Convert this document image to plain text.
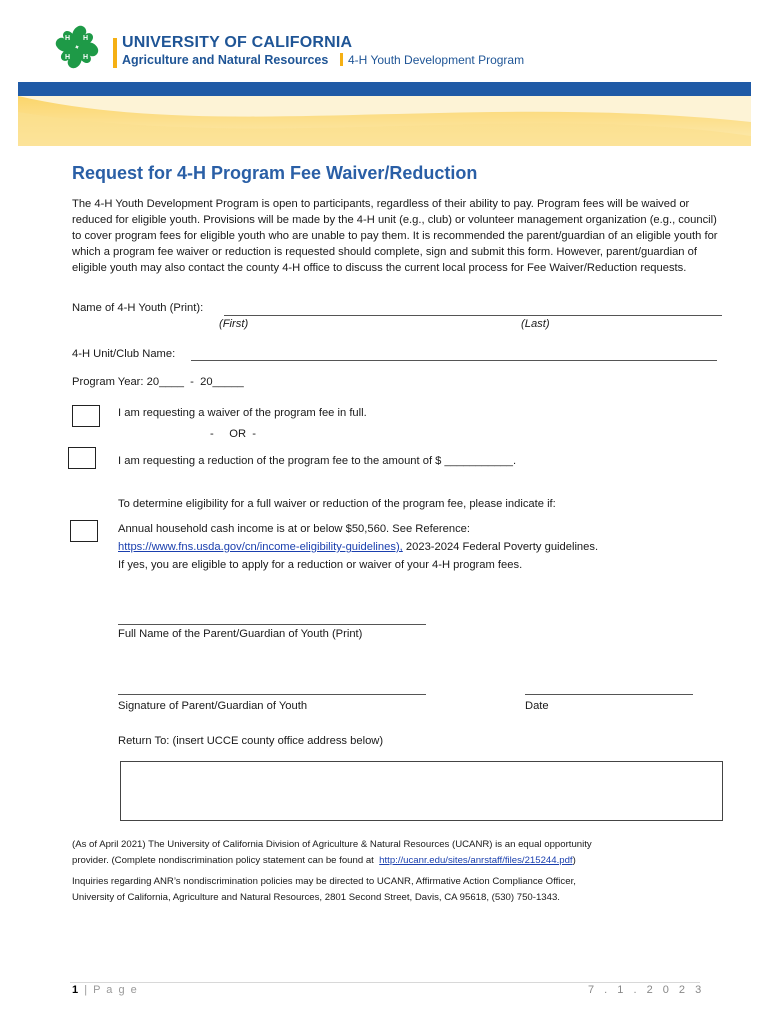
H H
H H
UNIVERSITY OF CALIFORNIA
Agriculture and Natural Resources 4-H Youth Development Program
Request for 4-H Program Fee Waiver/Reduction
The 4-H Youth Development Program is open to participants, regardless of their ability to pay. Program fees will be waived or reduced for eligible youth. Provisions will be made by the 4-H unit (e.g., club) or volunteer management organization (e.g., council) to cover program fees for eligible youth who are unable to pay them. It is recommended the parent/guardian of an eligible youth for which a program fee waiver or reduction is requested should complete, sign and submit this form. However, parent/guardian of eligible youth may also contact the county 4-H office to discuss the current local process for Fee Waiver/Reduction requests.
Name of 4-H Youth (Print):
(First)	(Last)
4-H Unit/Club Name:
Program Year: 20____  -  20_____
I am requesting a waiver of the program fee in full.
-     OR  -
I am requesting a reduction of the program fee to the amount of $ ___________.
To determine eligibility for a full waiver or reduction of the program fee, please indicate if:
Annual household cash income is at or below $50,560. See Reference:
https://www.fns.usda.gov/cn/income-eligibility-guidelines), 2023-2024 Federal Poverty guidelines.
If yes, you are eligible to apply for a reduction or waiver of your 4-H program fees.
Full Name of the Parent/Guardian of Youth (Print)
Signature of Parent/Guardian of Youth	Date
Return To: (insert UCCE county office address below)
(As of April 2021) The University of California Division of Agriculture & Natural Resources (UCANR) is an equal opportunity
provider. (Complete nondiscrimination policy statement can be found at  http://ucanr.edu/sites/anrstaff/files/215244.pdf)
Inquiries regarding ANR’s nondiscrimination policies may be directed to UCANR, Affirmative Action Compliance Officer,
University of California, Agriculture and Natural Resources, 2801 Second Street, Davis, CA 95618, (530) 750-1343.
1 | P a g e	7 . 1 . 2 0 2 3
